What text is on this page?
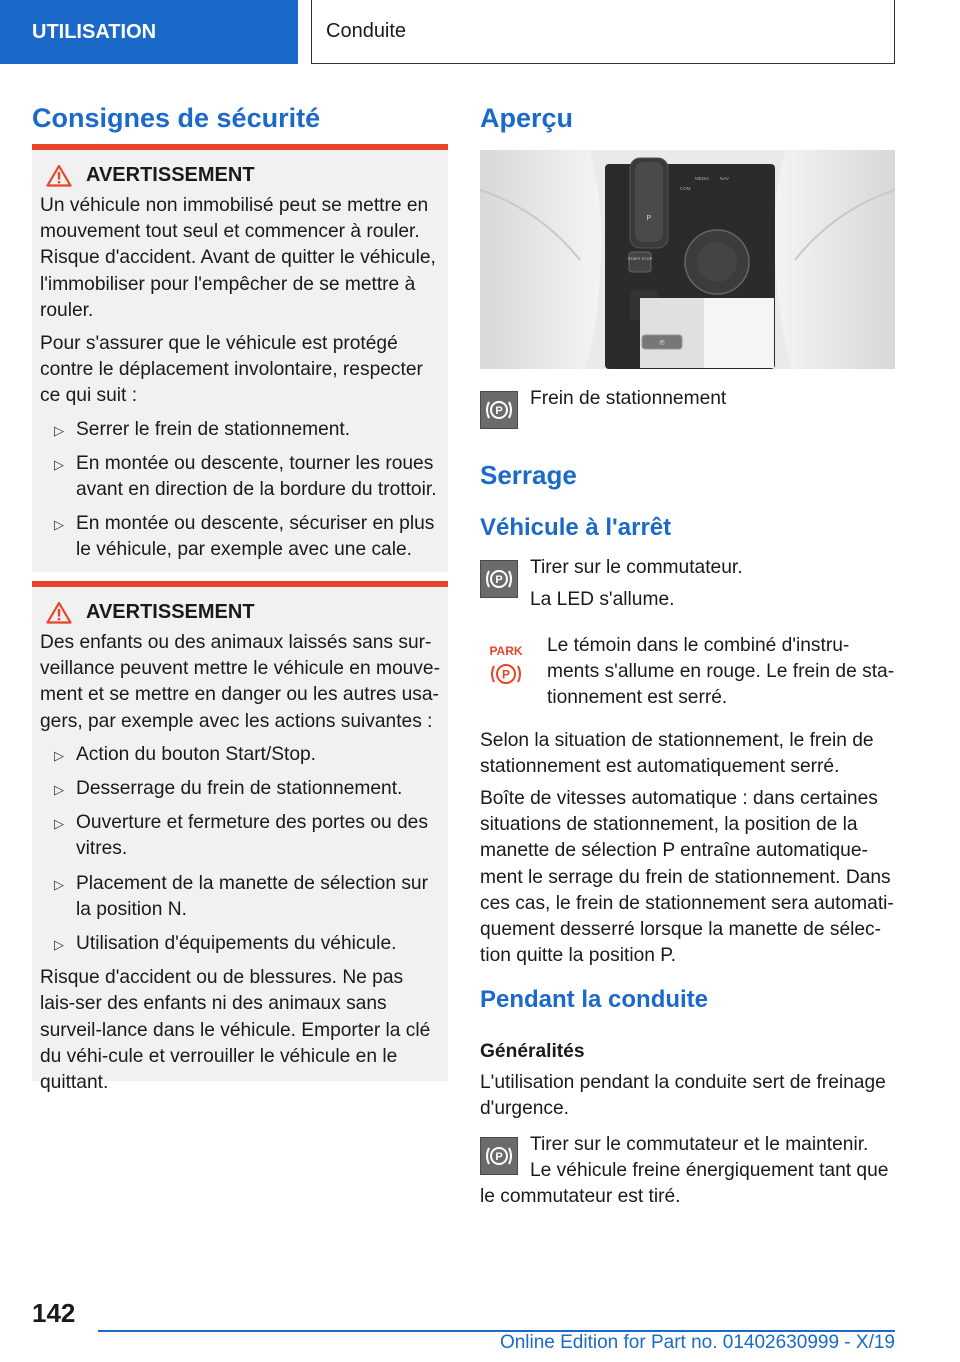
UTILISATION	Conduite
Consignes de sécurité
AVERTISSEMENT

Un véhicule non immobilisé peut se mettre en mouvement tout seul et commencer à rouler. Risque d'accident. Avant de quitter le véhicule, l'immobiliser pour l'empêcher de se mettre à rouler.

Pour s'assurer que le véhicule est protégé contre le déplacement involontaire, respecter ce qui suit :

▷ Serrer le frein de stationnement.
▷ En montée ou descente, tourner les roues avant en direction de la bordure du trottoir.
▷ En montée ou descente, sécuriser en plus le véhicule, par exemple avec une cale.
AVERTISSEMENT

Des enfants ou des animaux laissés sans sur-veillance peuvent mettre le véhicule en mouve-ment et se mettre en danger ou les autres usa-gers, par exemple avec les actions suivantes :

▷ Action du bouton Start/Stop.
▷ Desserrage du frein de stationnement.
▷ Ouverture et fermeture des portes ou des vitres.
▷ Placement de la manette de sélection sur la position N.
▷ Utilisation d'équipements du véhicule.

Risque d'accident ou de blessures. Ne pas lais-ser des enfants ni des animaux sans surveil-lance dans le véhicule. Emporter la clé du véhi-cule et verrouiller le véhicule en le quittant.

Aperçu
P
START STOP
MEDIA NAV
COM
℗
P

Frein de stationnement

Serrage
Véhicule à l'arrêt
P

Tirer sur le commutateur.

La LED s'allume.

PARK
P

Le témoin dans le combiné d'instru-ments s'allume en rouge. Le frein de sta-tionnement est serré.

Selon la situation de stationnement, le frein de stationnement est automatiquement serré.

Boîte de vitesses automatique : dans certaines situations de stationnement, la position de la manette de sélection P entraîne automatique-ment le serrage du frein de stationnement. Dans ces cas, le frein de stationnement sera automati-quement desserré lorsque la manette de sélec-tion quitte la position P.

Pendant la conduite

Généralités

L'utilisation pendant la conduite sert de freinage d'urgence.

P

Tirer sur le commutateur et le maintenir.

Le véhicule freine énergiquement tant que le commutateur est tiré.

142
Online Edition for Part no. 01402630999 - X/19
